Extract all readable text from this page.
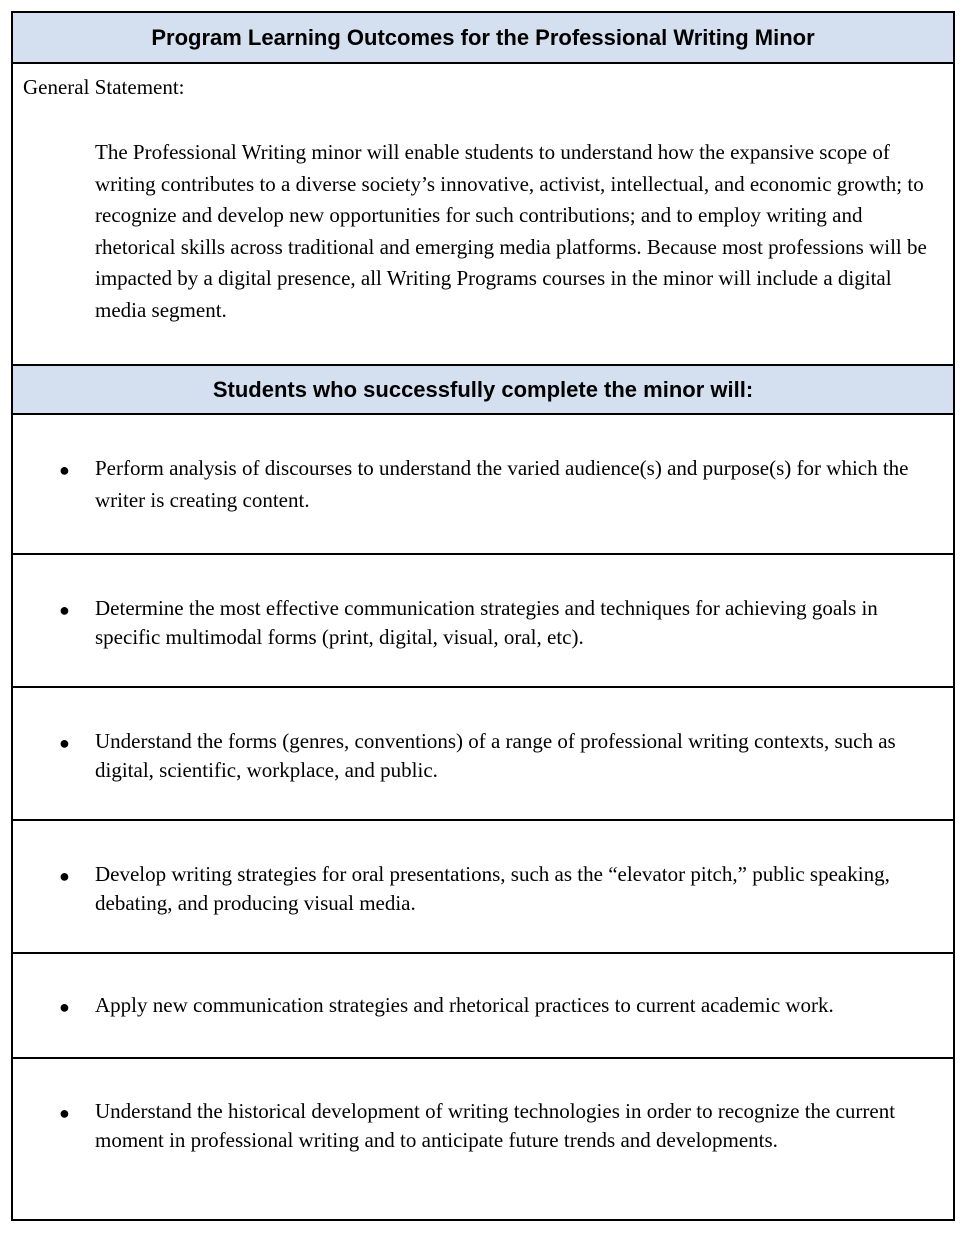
Program Learning Outcomes for the Professional Writing Minor
General Statement:
The Professional Writing minor will enable students to understand how the expansive scope of writing contributes to a diverse society’s innovative, activist, intellectual, and economic growth; to recognize and develop new opportunities for such contributions; and to employ writing and rhetorical skills across traditional and emerging media platforms. Because most professions will be impacted by a digital presence, all Writing Programs courses in the minor will include a digital media segment.
Students who successfully complete the minor will:
● Perform analysis of discourses to understand the varied audience(s) and purpose(s) for which the writer is creating content.
● Determine the most effective communication strategies and techniques for achieving goals in specific multimodal forms (print, digital, visual, oral, etc).
● Understand the forms (genres, conventions) of a range of professional writing contexts, such as digital, scientific, workplace, and public.
● Develop writing strategies for oral presentations, such as the “elevator pitch,” public speaking, debating, and producing visual media.
● Apply new communication strategies and rhetorical practices to current academic work.
● Understand the historical development of writing technologies in order to recognize the current moment in professional writing and to anticipate future trends and developments.
